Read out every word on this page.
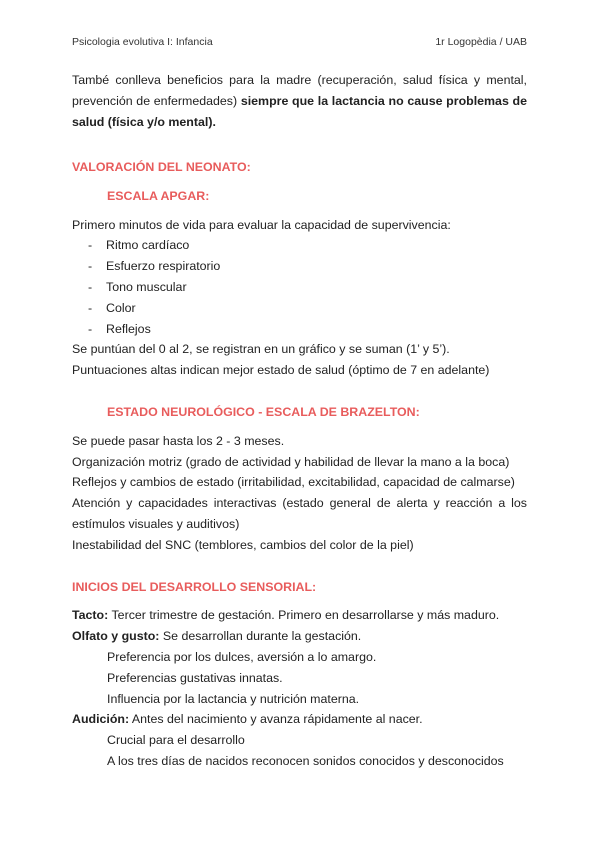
Psicologia evolutiva I: Infancia	1r Logopèdia / UAB

També conlleva beneficios para la madre (recuperación, salud física y mental, prevención de enfermedades) siempre que la lactancia no cause problemas de salud (física y/o mental).

VALORACIÓN DEL NEONATO:
ESCALA APGAR:
Primero minutos de vida para evaluar la capacidad de supervivencia:
- Ritmo cardíaco
- Esfuerzo respiratorio
- Tono muscular
- Color
- Reflejos
Se puntúan del 0 al 2, se registran en un gráfico y se suman (1’ y 5’).
Puntuaciones altas indican mejor estado de salud (óptimo de 7 en adelante)
ESTADO NEUROLÓGICO - ESCALA DE BRAZELTON:
Se puede pasar hasta los 2 - 3 meses.
Organización motriz (grado de actividad y habilidad de llevar la mano a la boca)
Reflejos y cambios de estado (irritabilidad, excitabilidad, capacidad de calmarse)

Atención y capacidades interactivas (estado general de alerta y reacción a los estímulos visuales y auditivos)

Inestabilidad del SNC (temblores, cambios del color de la piel)
INICIOS DEL DESARROLLO SENSORIAL:
Tacto: Tercer trimestre de gestación. Primero en desarrollarse y más maduro.
Olfato y gusto: Se desarrollan durante la gestación.
Preferencia por los dulces, aversión a lo amargo.
Preferencias gustativas innatas.
Influencia por la lactancia y nutrición materna.
Audición: Antes del nacimiento y avanza rápidamente al nacer.
Crucial para el desarrollo
A los tres días de nacidos reconocen sonidos conocidos y desconocidos
